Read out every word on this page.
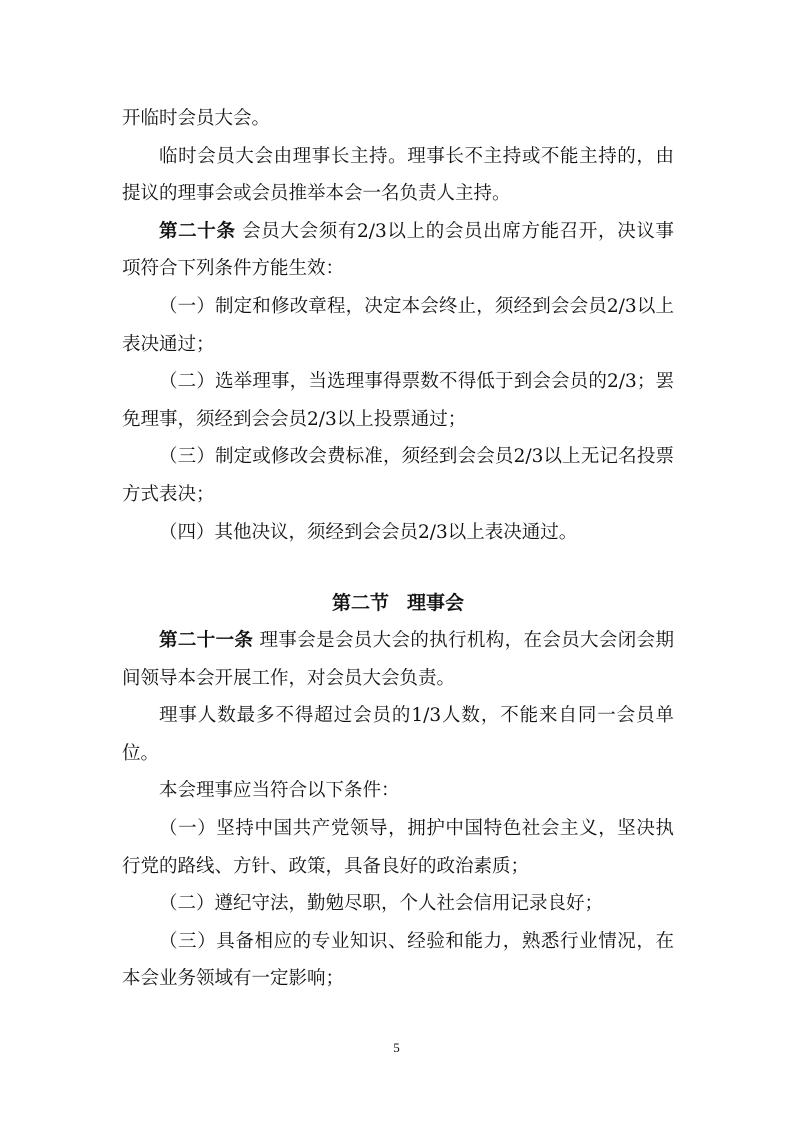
开临时会员大会。

临时会员大会由理事长主持。理事长不主持或不能主持的，由提议的理事会或会员推举本会一名负责人主持。

第二十条 会员大会须有2/3以上的会员出席方能召开，决议事项符合下列条件方能生效：

（一）制定和修改章程，决定本会终止，须经到会会员2/3以上表决通过；

（二）选举理事，当选理事得票数不得低于到会会员的2/3；罢免理事，须经到会会员2/3以上投票通过；

（三）制定或修改会费标准，须经到会会员2/3以上无记名投票方式表决；

（四）其他决议，须经到会会员2/3以上表决通过。

第二节 理事会

第二十一条 理事会是会员大会的执行机构，在会员大会闭会期间领导本会开展工作，对会员大会负责。

理事人数最多不得超过会员的1/3人数，不能来自同一会员单位。

本会理事应当符合以下条件：

（一）坚持中国共产党领导，拥护中国特色社会主义，坚决执行党的路线、方针、政策，具备良好的政治素质；

（二）遵纪守法，勤勉尽职，个人社会信用记录良好；

（三）具备相应的专业知识、经验和能力，熟悉行业情况，在本会业务领域有一定影响；

5
